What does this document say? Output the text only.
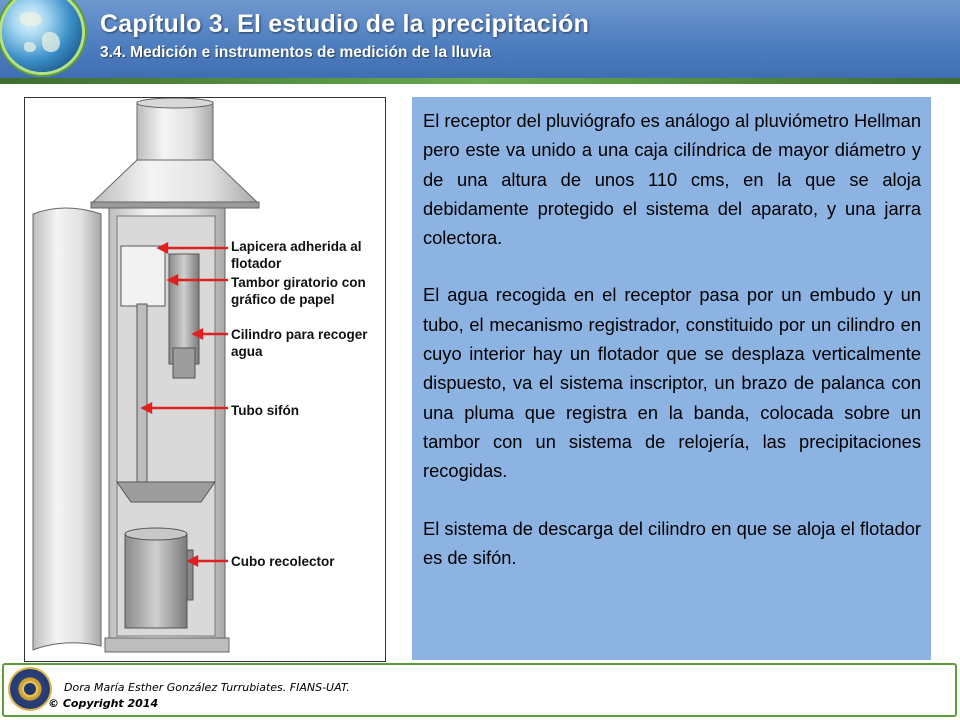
Capítulo 3. El estudio de la precipitación
3.4. Medición e instrumentos de medición de la lluvia
Lapicera adherida al flotador
Tambor giratorio con gráfico de papel
Cilindro para recoger agua
Tubo sifón
Cubo recolector

El receptor del pluviógrafo es análogo al pluviómetro Hellman pero este va unido a una caja cilíndrica de mayor diámetro y de una altura de unos 110 cms, en la que se aloja debidamente protegido el sistema del aparato, y una jarra colectora.

El agua recogida en el receptor pasa por un embudo y un tubo, el mecanismo registrador, constituido por un cilindro en cuyo interior hay un flotador que se desplaza verticalmente dispuesto, va el sistema inscriptor, un brazo de palanca con una pluma que registra en la banda, colocada sobre un tambor con un sistema de relojería, las precipitaciones recogidas.

El sistema de descarga del cilindro en que se aloja el flotador es de sifón.

Dora María Esther González Turrubiates. FIANS-UAT.
© Copyright 2014
